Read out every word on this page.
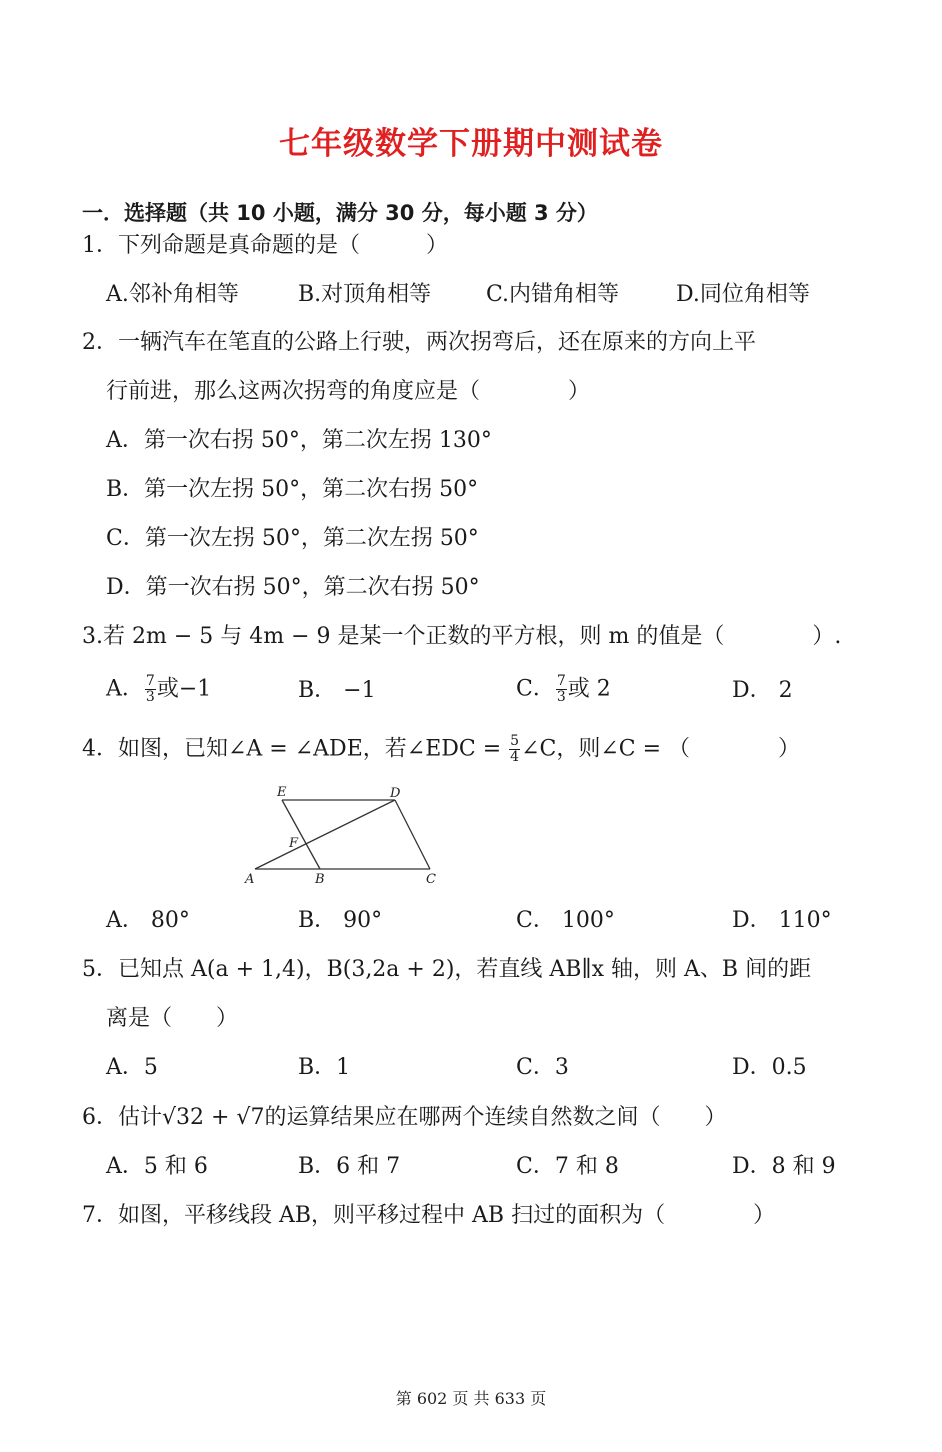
七年级数学下册期中测试卷
一．选择题（共 10 小题，满分 30 分，每小题 3 分）
1．下列命题是真命题的是（　　　）
A.邻补角相等	B.对顶角相等 C.内错角相等	D.同位角相等
2．一辆汽车在笔直的公路上行驶，两次拐弯后，还在原来的方向上平
行前进，那么这两次拐弯的角度应是（　　　　）
A．第一次右拐 50°，第二次左拐 130°
B．第一次左拐 50°，第二次右拐 50°
C．第一次左拐 50°，第二次左拐 50°
D．第一次右拐 50°，第二次右拐 50°
3.若 2m − 5 与 4m − 9 是某一个正数的平方根，则 m 的值是（　　　　）.
A． $\frac{7}{3}$ 或−1	B． −1	C． $\frac{7}{3}$ 或 2	D． 2
4．如图，已知∠A = ∠ADE，若∠EDC = $\frac{5}{4}$ ∠C，则∠C = （　　　　）
E	D
F
A	B	C
A． 80°	B． 90°	C． 100°	D． 110°
5．已知点 A(a + 1,4)，B(3,2a + 2)，若直线 AB∥x 轴，则 A、B 间的距
离是（　　）
A．5	B．1	C．3	D．0.5
6．估计√32 + √7的运算结果应在哪两个连续自然数之间（　　）
A．5 和 6	B．6 和 7	C．7 和 8	D．8 和 9
7．如图，平移线段 AB，则平移过程中 AB 扫过的面积为（　　　　）
第 602 页 共 633 页
